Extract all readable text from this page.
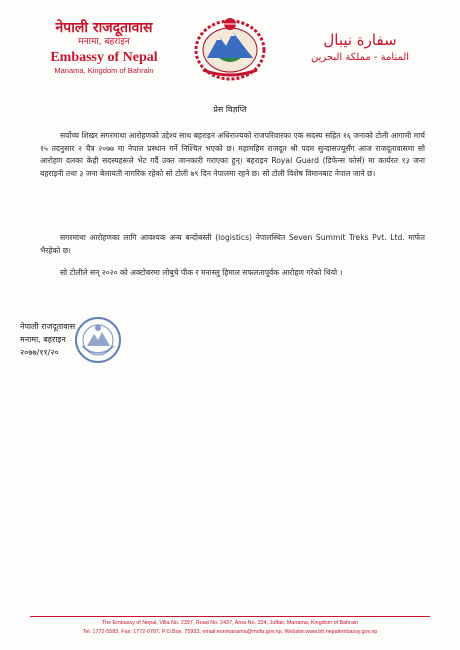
नेपाली राजदूतावास
मनामा, बहराइन
Embassy of Nepal
Manama, Kingdom of Bahrain
سفارة نيبال
المنامة - مملكة البحرين
प्रेस विज्ञप्ति
सर्वोच्च शिखर सगरमाथा आरोहणको उद्देश्य साथ बहराइन अधिराज्यको राजपरिवारका एक सदस्य सहित १६ जनाको टोली आगामी मार्च १५ तदनुसार २ चैत्र २०७७ मा नेपाल प्रस्थान गर्ने निश्चित भएको छ। महामहिम राजदूत श्री पदम सुन्दासज्यूसँग आज राजदूतावासमा सो आरोहण दलका केही सदस्यहरूले भेट गर्दै उक्त जानकारी गराएका हुन्। बहराइन Royal Guard (डिफेन्स फोर्स) मा कार्यरत १३ जना बहराइनी तथा ३ जना बेलायती नागरिक रहेको सो टोली ७९ दिन नेपालमा रहने छ। सो टोली विशेष विमानबाट नेपाल जाने छ।
सगरमाथा आरोहणका लागि आवश्यक अन्य बन्दोबस्ती (logistics) नेपालस्थित Seven Summit Treks Pvt. Ltd. मार्फत भैरहेको छ।
सो टोलीले सन् २०२० को अक्टोबरमा लोबुचे पीक र मनास्लु हिमाल सफलतापूर्वक आरोहण गरेको थियो ।
नेपाली राजदूतावास
मनामा, बहराइन
२०७७/११/२०
The Embassy of Nepal, Villa No. 2397, Road No. 2437, Area No. 324, Juffair, Manama, Kingdom of Bahrain
Tel. 1772-5583, Fax: 1772-0787, P.O.Box. 75933; email:eonmanama@mofa.gov.np, Website:www.bh.nepalembassy.gov.np
